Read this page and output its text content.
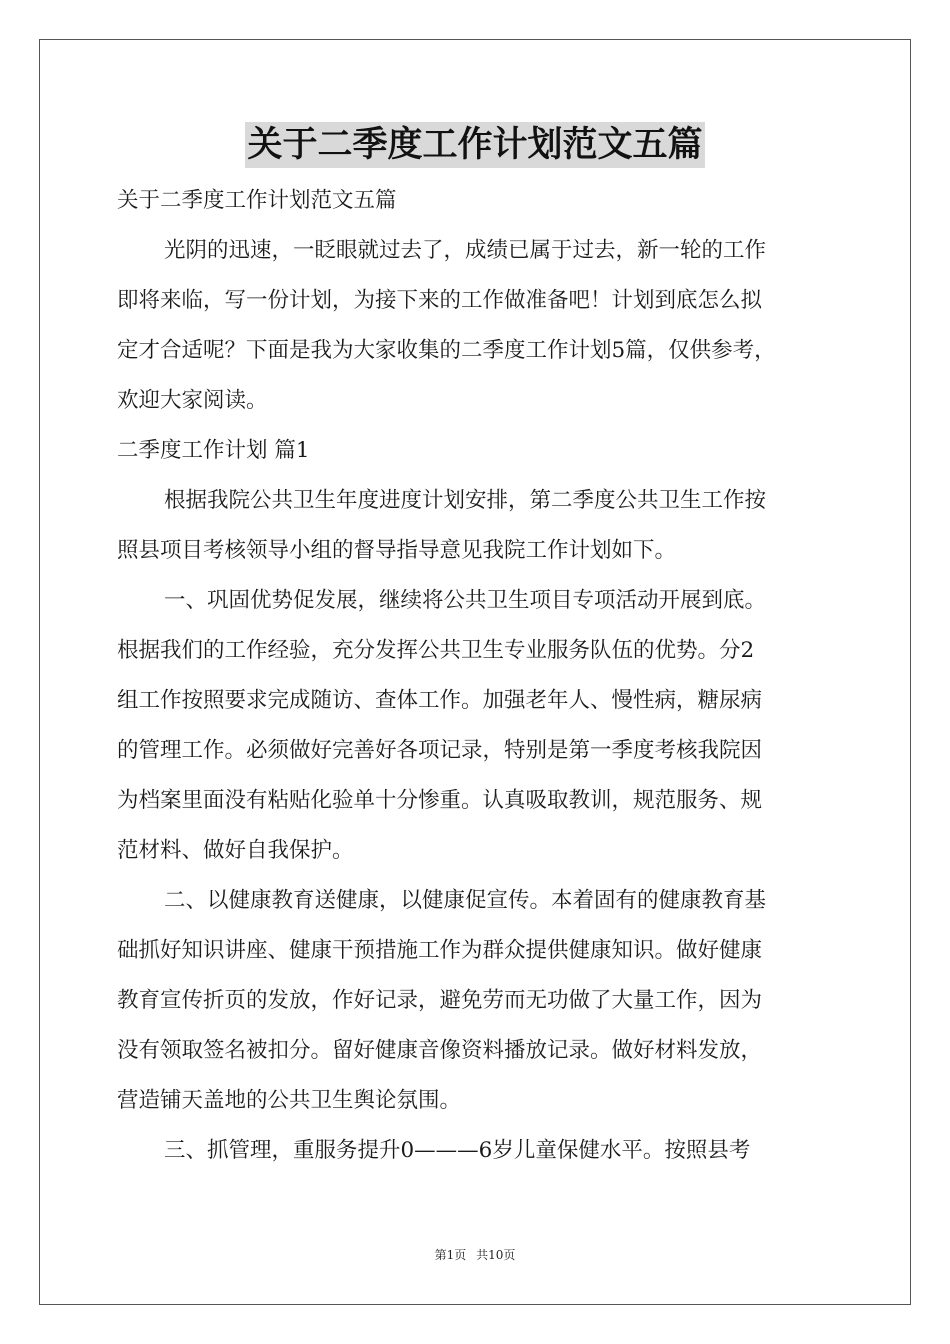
关于二季度工作计划范文五篇
关于二季度工作计划范文五篇
光阴的迅速，一眨眼就过去了，成绩已属于过去，新一轮的工作
即将来临，写一份计划，为接下来的工作做准备吧！计划到底怎么拟
定才合适呢？下面是我为大家收集的二季度工作计划5篇，仅供参考，
欢迎大家阅读。
二季度工作计划 篇1
根据我院公共卫生年度进度计划安排，第二季度公共卫生工作按
照县项目考核领导小组的督导指导意见我院工作计划如下。
一、巩固优势促发展，继续将公共卫生项目专项活动开展到底。
根据我们的工作经验，充分发挥公共卫生专业服务队伍的优势。分2
组工作按照要求完成随访、查体工作。加强老年人、慢性病，糖尿病
的管理工作。必须做好完善好各项记录，特别是第一季度考核我院因
为档案里面没有粘贴化验单十分惨重。认真吸取教训，规范服务、规
范材料、做好自我保护。
二、以健康教育送健康，以健康促宣传。本着固有的健康教育基
础抓好知识讲座、健康干预措施工作为群众提供健康知识。做好健康
教育宣传折页的发放，作好记录，避免劳而无功做了大量工作，因为
没有领取签名被扣分。留好健康音像资料播放记录。做好材料发放，
营造铺天盖地的公共卫生舆论氛围。
三、抓管理，重服务提升0———6岁儿童保健水平。按照县考
第1页 共10页
